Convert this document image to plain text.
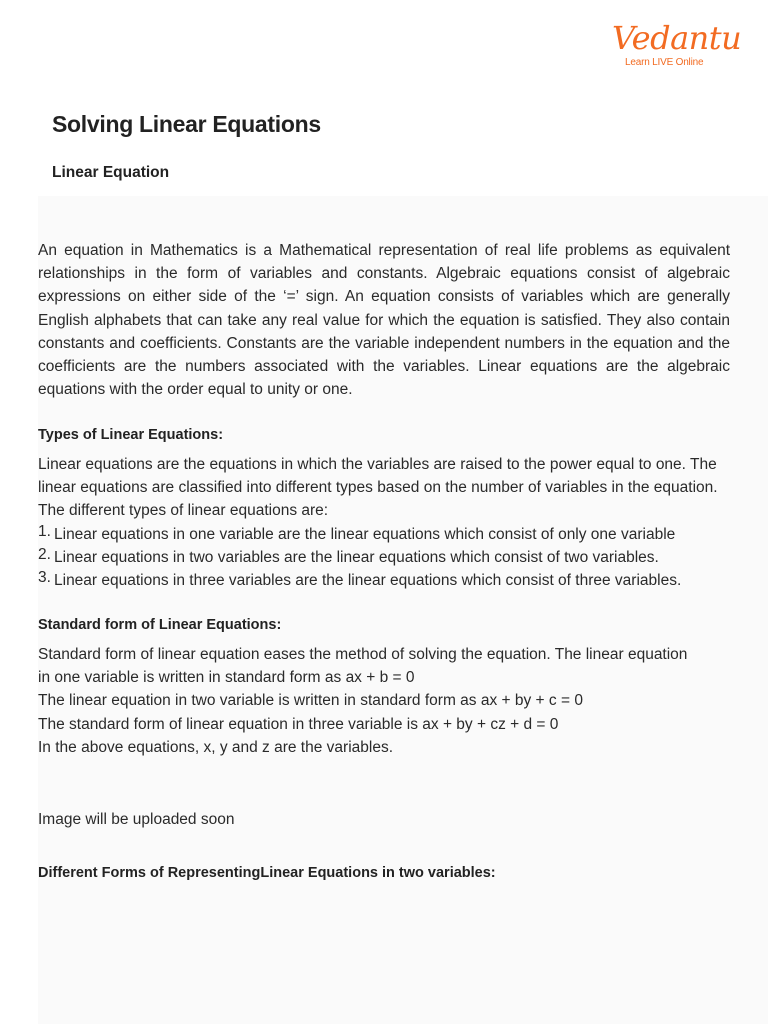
Vedantu
Learn LIVE Online
Solving Linear Equations
Linear Equation

An equation in Mathematics is a Mathematical representation of real life problems as equivalent relationships in the form of variables and constants. Algebraic equations consist of algebraic expressions on either side of the ‘=’ sign. An equation consists of variables which are generally English alphabets that can take any real value for which the equation is satisfied. They also contain constants and coefficients. Constants are the variable independent numbers in the equation and the coefficients are the numbers associated with the variables. Linear equations are the algebraic equations with the order equal to unity or one.

Types of Linear Equations:

Linear equations are the equations in which the variables are raised to the power equal to one. The linear equations are classified into different types based on the number of variables in the equation. The different types of linear equations are:

1. Linear equations in one variable are the linear equations which consist of only one variable
2. Linear equations in two variables are the linear equations which consist of two variables.
3. Linear equations in three variables are the linear equations which consist of three variables.
Standard form of Linear Equations:
Standard form of linear equation eases the method of solving the equation. The linear equation
in one variable is written in standard form as ax + b = 0
The linear equation in two variable is written in standard form as ax + by + c = 0
The standard form of linear equation in three variable is ax + by + cz + d = 0
In the above equations, x, y and z are the variables.

Image will be uploaded soon

Different Forms of RepresentingLinear Equations in two variables:
